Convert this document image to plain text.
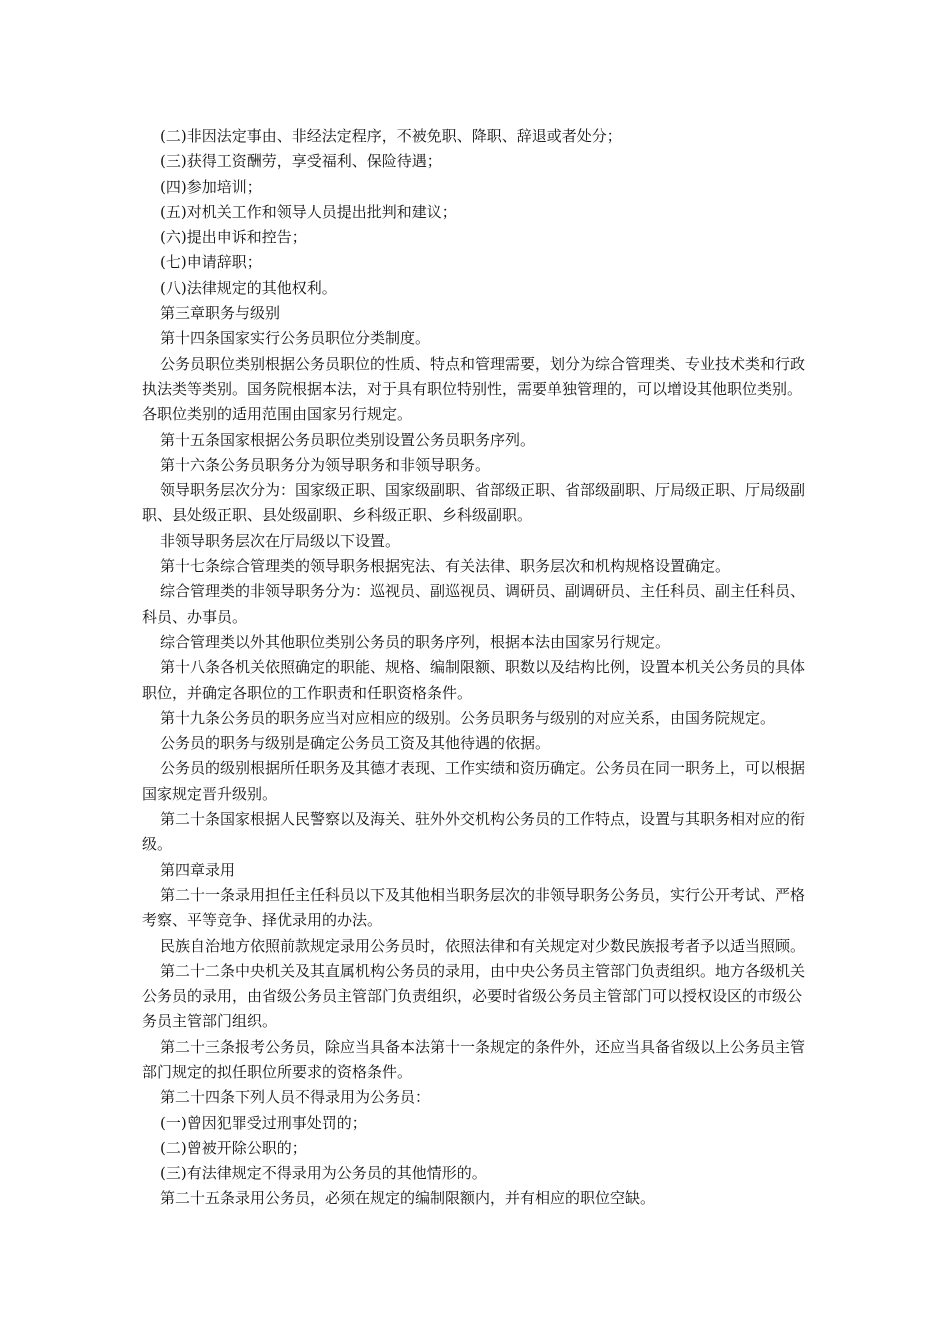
(二)非因法定事由、非经法定程序，不被免职、降职、辞退或者处分；

(三)获得工资酬劳，享受福利、保险待遇；

(四)参加培训；

(五)对机关工作和领导人员提出批判和建议；

(六)提出申诉和控告；

(七)申请辞职；

(八)法律规定的其他权利。

第三章职务与级别

第十四条国家实行公务员职位分类制度。

公务员职位类别根据公务员职位的性质、特点和管理需要，划分为综合管理类、专业技术类和行政执法类等类别。国务院根据本法，对于具有职位特别性，需要单独管理的，可以增设其他职位类别。各职位类别的适用范围由国家另行规定。

第十五条国家根据公务员职位类别设置公务员职务序列。

第十六条公务员职务分为领导职务和非领导职务。

领导职务层次分为：国家级正职、国家级副职、省部级正职、省部级副职、厅局级正职、厅局级副职、县处级正职、县处级副职、乡科级正职、乡科级副职。

非领导职务层次在厅局级以下设置。

第十七条综合管理类的领导职务根据宪法、有关法律、职务层次和机构规格设置确定。

综合管理类的非领导职务分为：巡视员、副巡视员、调研员、副调研员、主任科员、副主任科员、科员、办事员。

综合管理类以外其他职位类别公务员的职务序列，根据本法由国家另行规定。

第十八条各机关依照确定的职能、规格、编制限额、职数以及结构比例，设置本机关公务员的具体职位，并确定各职位的工作职责和任职资格条件。

第十九条公务员的职务应当对应相应的级别。公务员职务与级别的对应关系，由国务院规定。

公务员的职务与级别是确定公务员工资及其他待遇的依据。

公务员的级别根据所任职务及其德才表现、工作实绩和资历确定。公务员在同一职务上，可以根据国家规定晋升级别。

第二十条国家根据人民警察以及海关、驻外外交机构公务员的工作特点，设置与其职务相对应的衔级。

第四章录用

第二十一条录用担任主任科员以下及其他相当职务层次的非领导职务公务员，实行公开考试、严格考察、平等竞争、择优录用的办法。

民族自治地方依照前款规定录用公务员时，依照法律和有关规定对少数民族报考者予以适当照顾。

第二十二条中央机关及其直属机构公务员的录用，由中央公务员主管部门负责组织。地方各级机关公务员的录用，由省级公务员主管部门负责组织，必要时省级公务员主管部门可以授权设区的市级公务员主管部门组织。

第二十三条报考公务员，除应当具备本法第十一条规定的条件外，还应当具备省级以上公务员主管部门规定的拟任职位所要求的资格条件。

第二十四条下列人员不得录用为公务员：

(一)曾因犯罪受过刑事处罚的；

(二)曾被开除公职的；

(三)有法律规定不得录用为公务员的其他情形的。

第二十五条录用公务员，必须在规定的编制限额内，并有相应的职位空缺。
